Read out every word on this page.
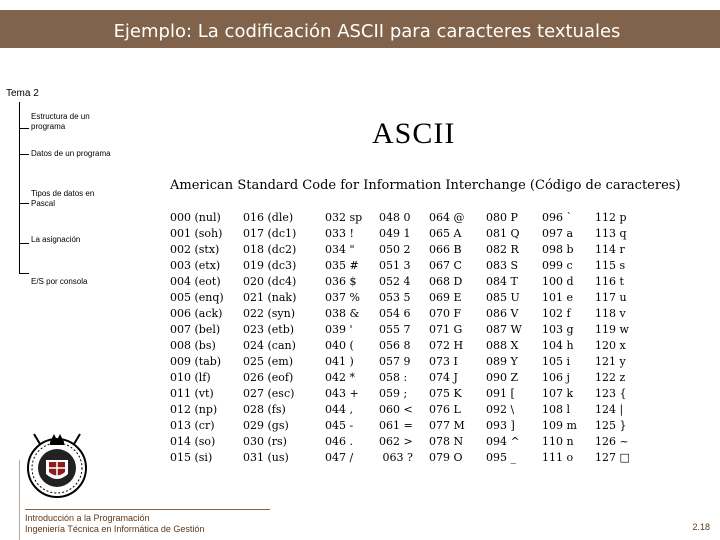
Ejemplo: La codificación ASCII para caracteres textuales
Tema 2
Estructura de un programa
Datos de un programa
Tipos de datos en Pascal
La asignación
E/S por consola
ASCII
American Standard Code for Information Interchange (Código de caracteres)
000 (nul)
001 (soh)
002 (stx)
003 (etx)
004 (eot)
005 (enq)
006 (ack)
007 (bel)
008 (bs)
009 (tab)
010 (lf)
011 (vt)
012 (np)
013 (cr)
014 (so)
015 (si)
016 (dle)
017 (dc1)
018 (dc2)
019 (dc3)
020 (dc4)
021 (nak)
022 (syn)
023 (etb)
024 (can)
025 (em)
026 (eof)
027 (esc)
028 (fs)
029 (gs)
030 (rs)
031 (us)
032 sp
033 !
034 "
035 #
036 $
037 %
038 &
039 '
040 (
041 )
042 *
043 +
044 ,
045 -
046 .
047 /
048 0
049 1
050 2
051 3
052 4
053 5
054 6
055 7
056 8
057 9
058 :
059 ;
060 <
061 =
062 >
063 ?
064 @
065 A
066 B
067 C
068 D
069 E
070 F
071 G
072 H
073 I
074 J
075 K
076 L
077 M
078 N
079 O
080 P
081 Q
082 R
083 S
084 T
085 U
086 V
087 W
088 X
089 Y
090 Z
091 [
092 \
093 ]
094 ^
095 _
096 `
097 a
098 b
099 c
100 d
101 e
102 f
103 g
104 h
105 i
106 j
107 k
108 l
109 m
110 n
111 o
112 p
113 q
114 r
115 s
116 t
117 u
118 v
119 w
120 x
121 y
122 z
123 {
124 |
125 }
126 ~
127 □
Introducción a la Programación
Ingeniería Técnica en Informática de Gestión	2.18
